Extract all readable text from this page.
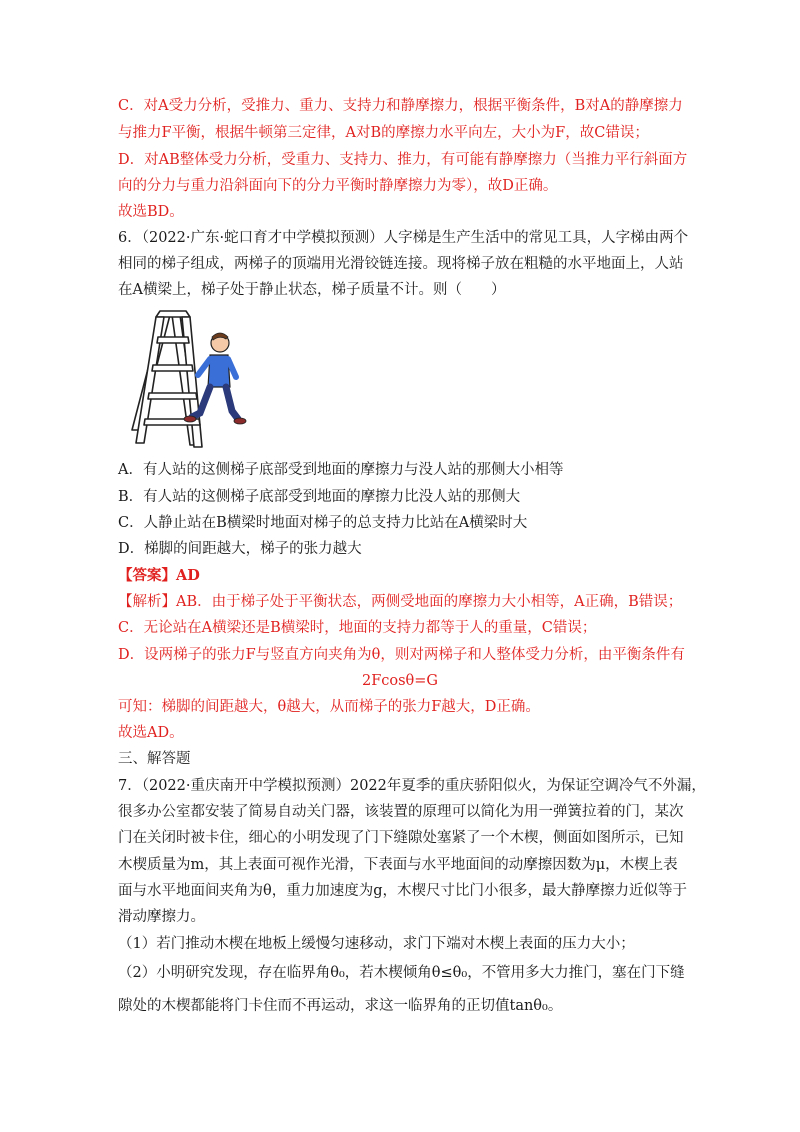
C．对A受力分析，受推力、重力、支持力和静摩擦力，根据平衡条件，B对A的静摩擦力
与推力F平衡，根据牛顿第三定律，A对B的摩擦力水平向左，大小为F，故C错误；
D．对AB整体受力分析，受重力、支持力、推力，有可能有静摩擦力（当推力平行斜面方
向的分力与重力沿斜面向下的分力平衡时静摩擦力为零），故D正确。
故选BD。
6．（2022·广东·蛇口育才中学模拟预测）人字梯是生产生活中的常见工具，人字梯由两个
相同的梯子组成，两梯子的顶端用光滑铰链连接。现将梯子放在粗糙的水平地面上，人站
在A横梁上，梯子处于静止状态，梯子质量不计。则（　　）
A．有人站的这侧梯子底部受到地面的摩擦力与没人站的那侧大小相等
B．有人站的这侧梯子底部受到地面的摩擦力比没人站的那侧大
C．人静止站在B横梁时地面对梯子的总支持力比站在A横梁时大
D．梯脚的间距越大，梯子的张力越大
【答案】AD
【解析】AB．由于梯子处于平衡状态，两侧受地面的摩擦力大小相等，A正确，B错误；
C．无论站在A横梁还是B横梁时，地面的支持力都等于人的重量，C错误；
D．设两梯子的张力F与竖直方向夹角为θ，则对两梯子和人整体受力分析，由平衡条件有
2Fcosθ=G
可知：梯脚的间距越大，θ越大，从而梯子的张力F越大，D正确。
故选AD。
三、解答题
7．（2022·重庆南开中学模拟预测）2022年夏季的重庆骄阳似火，为保证空调冷气不外漏，
很多办公室都安装了简易自动关门器，该装置的原理可以简化为用一弹簧拉着的门，某次
门在关闭时被卡住，细心的小明发现了门下缝隙处塞紧了一个木楔，侧面如图所示，已知
木楔质量为m，其上表面可视作光滑，下表面与水平地面间的动摩擦因数为μ，木楔上表
面与水平地面间夹角为θ，重力加速度为g，木楔尺寸比门小很多，最大静摩擦力近似等于
滑动摩擦力。
（1）若门推动木楔在地板上缓慢匀速移动，求门下端对木楔上表面的压力大小；
（2）小明研究发现，存在临界角θ₀，若木楔倾角θ≤θ₀，不管用多大力推门，塞在门下缝
隙处的木楔都能将门卡住而不再运动，求这一临界角的正切值tanθ₀。
